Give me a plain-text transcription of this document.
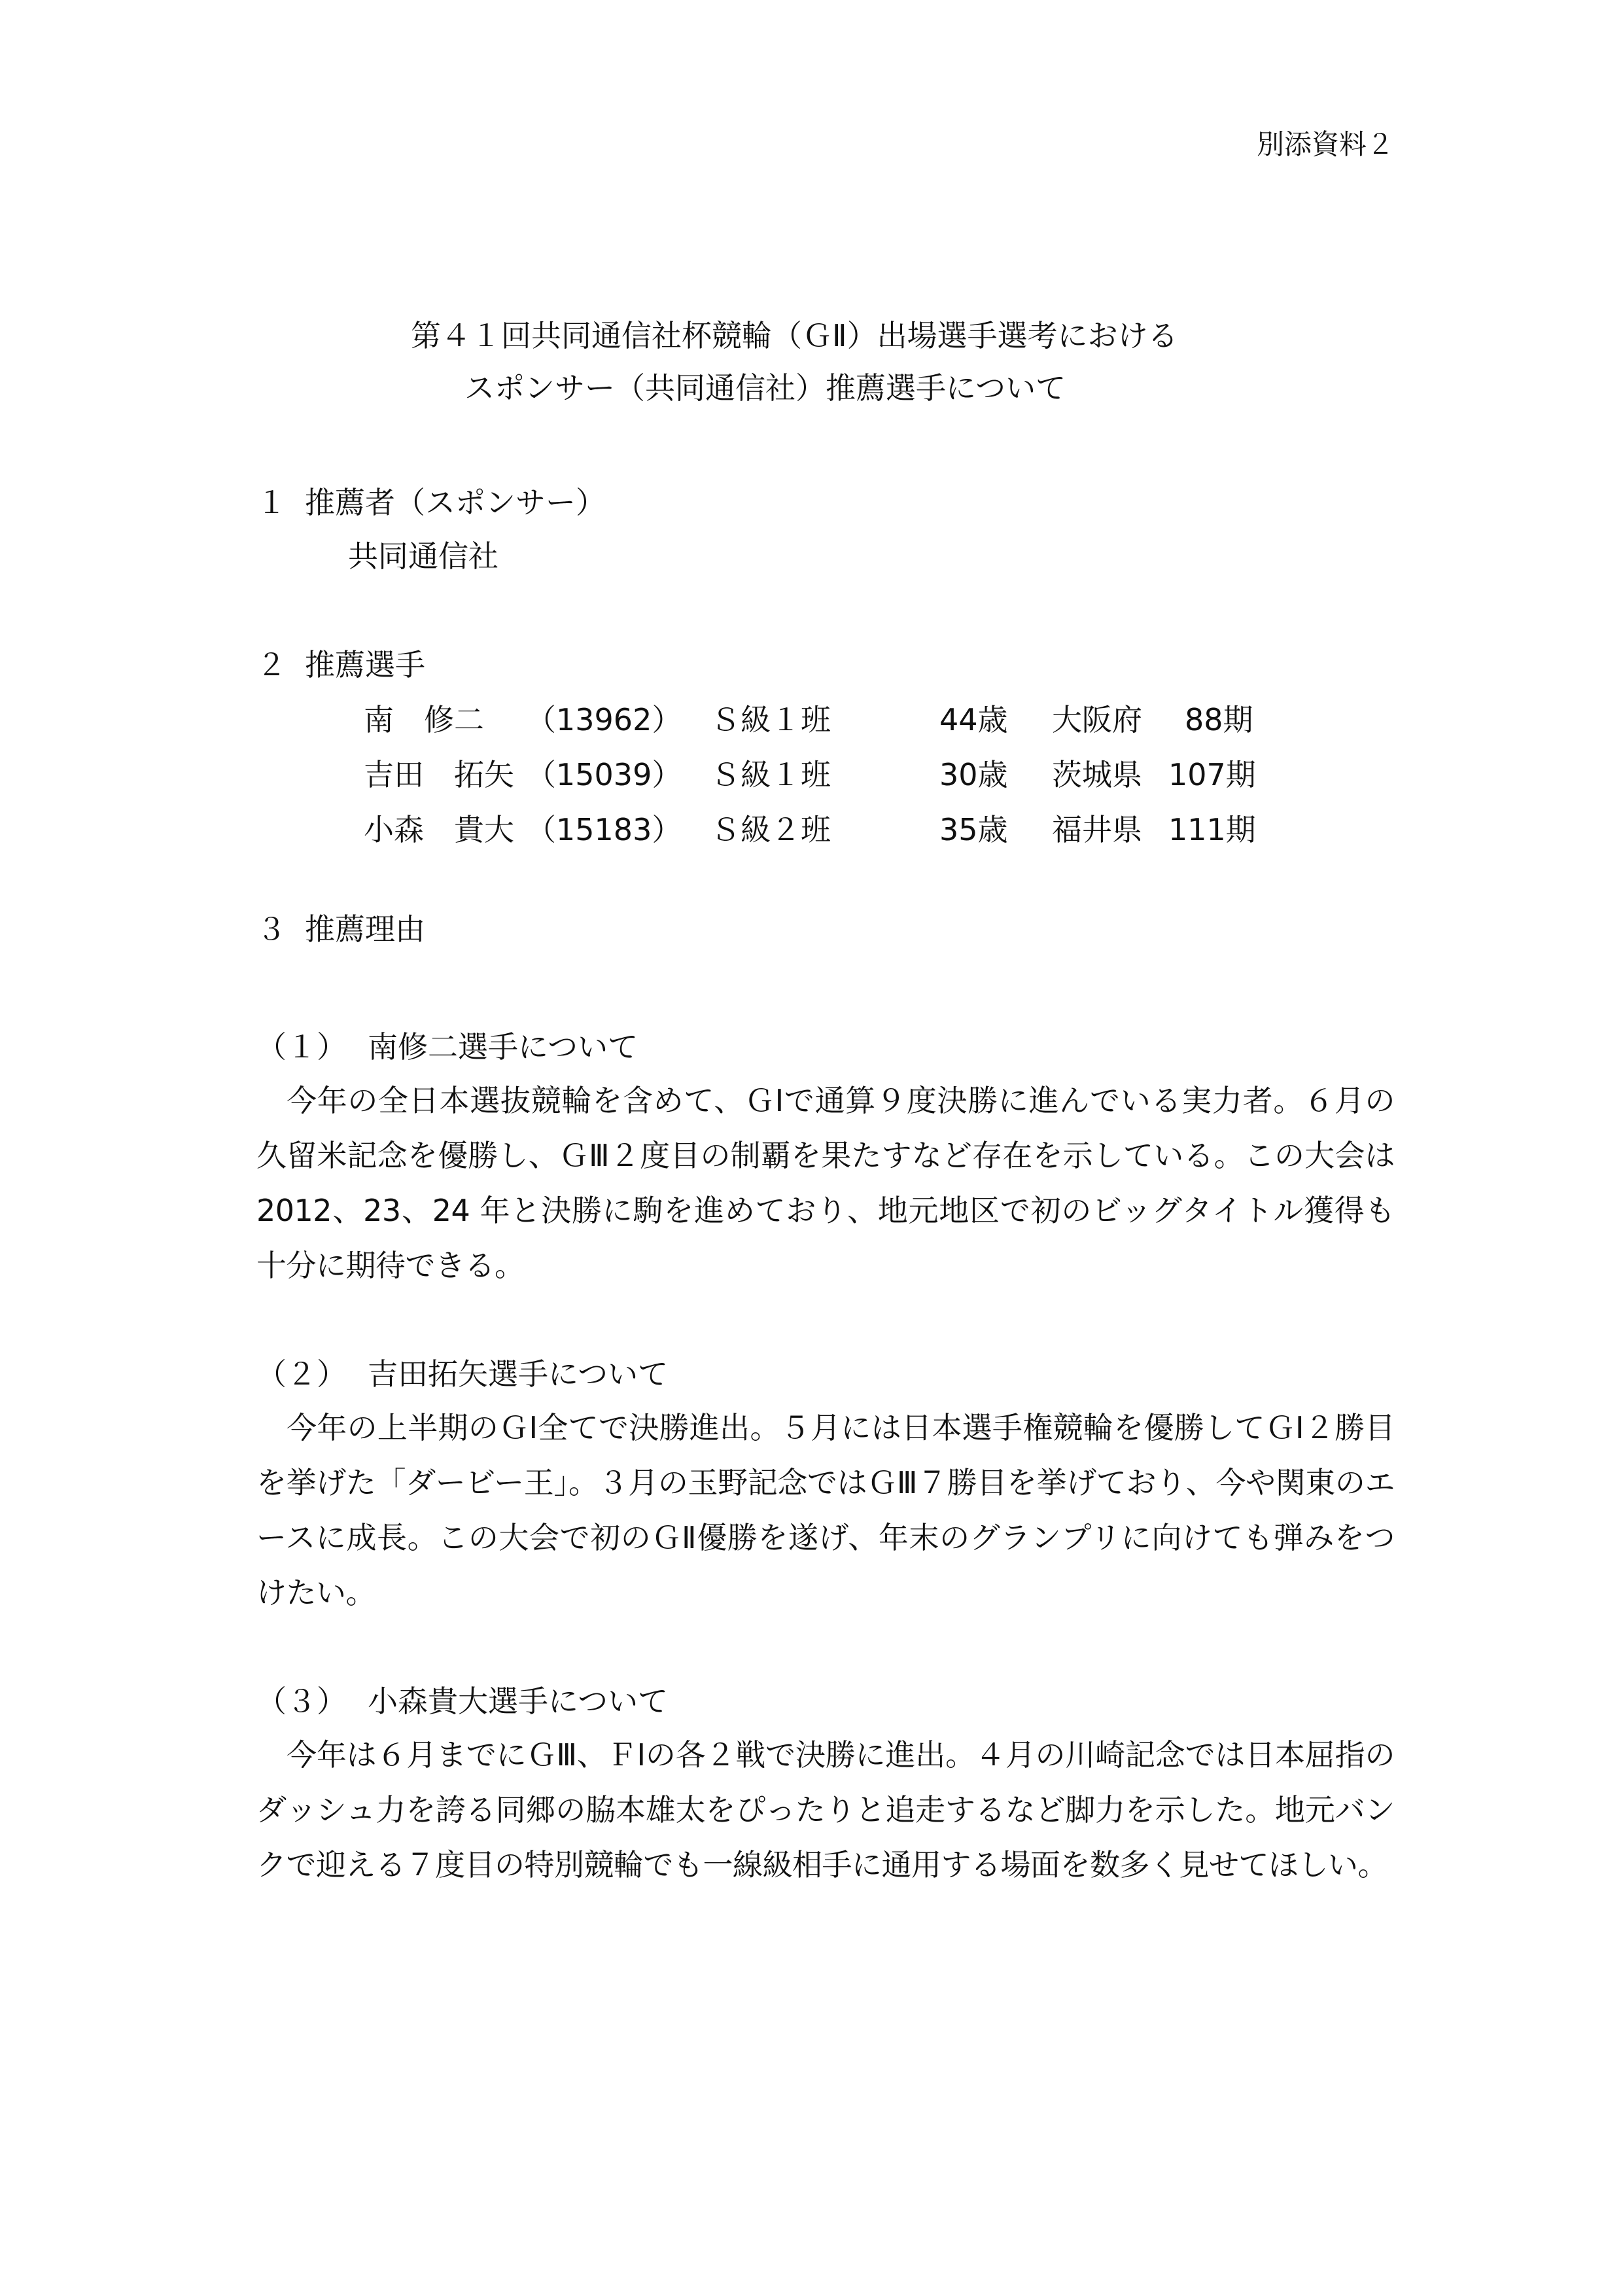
別添資料２
第４１回共同通信社杯競輪（ＧⅡ）出場選手選考における
スポンサー（共同通信社）推薦選手について
１ 推薦者（スポンサー）
共同通信社
２ 推薦選手
南　修二 （13962） Ｓ級１班	44歳 大阪府 88期
吉田　拓矢 （15039） Ｓ級１班	30歳 茨城県 107期
小森　貴大 （15183） Ｓ級２班	35歳 福井県 111期
３ 推薦理由
（１） 南修二選手について
今年の全日本選抜競輪を含めて、ＧⅠで通算９度決勝に進んでいる実力者。６月の久留米記念を優勝し、ＧⅢ２度目の制覇を果たすなど存在を示している。この大会は2012、23、24 年と決勝に駒を進めており、地元地区で初のビッグタイトル獲得も十分に期待できる。
（２） 吉田拓矢選手について
今年の上半期のＧⅠ全てで決勝進出。５月には日本選手権競輪を優勝してＧⅠ２勝目を挙げた「ダービー王」。３月の玉野記念ではＧⅢ７勝目を挙げており、今や関東のエースに成長。この大会で初のＧⅡ優勝を遂げ、年末のグランプリに向けても弾みをつけたい。
（３） 小森貴大選手について
今年は６月までにＧⅢ、ＦⅠの各２戦で決勝に進出。４月の川崎記念では日本屈指のダッシュ力を誇る同郷の脇本雄太をぴったりと追走するなど脚力を示した。地元バンクで迎える７度目の特別競輪でも一線級相手に通用する場面を数多く見せてほしい。
